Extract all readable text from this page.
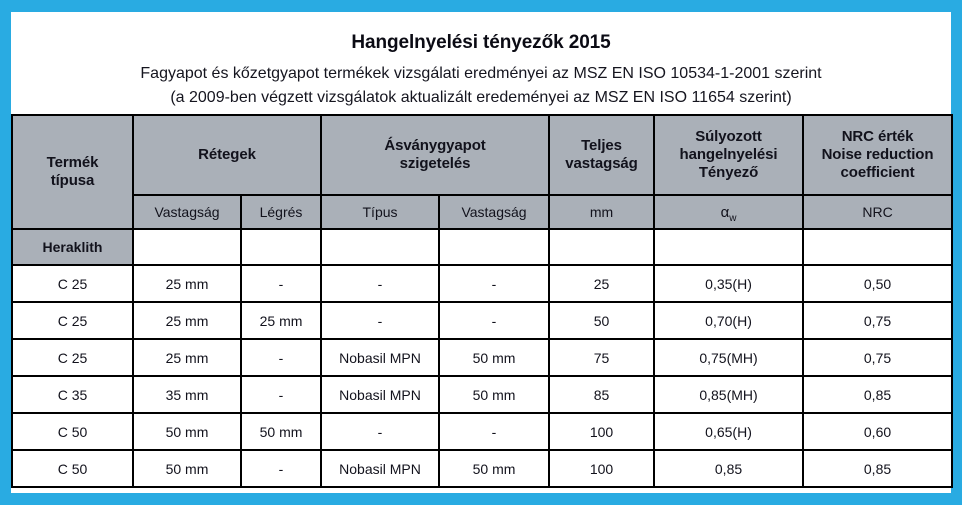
Hangelnyelési tényezők 2015
Fagyapot és kőzetgyapot termékek vizsgálati eredményei az MSZ EN ISO 10534-1-2001 szerint
(a 2009-ben végzett vizsgálatok aktualizált eredeményei az MSZ EN ISO 11654 szerint)
Termék
típusa

Rétegek

Ásványgyapot
szigetelés

Teljes
vastagság

Súlyozott
hangelnyelési
Tényező

NRC érték
Noise reduction
coefficient

	Vastagság	Légrés	Típus	Vastagság	mm	$\alpha_w$	NRC
Heraklith							
C 25	25 mm	-	-	-	25	0,35(H)	0,50
C 25	25 mm	25 mm	-	-	50	0,70(H)	0,75
C 25	25 mm	-	Nobasil MPN	50 mm	75	0,75(MH)	0,75
C 35	35 mm	-	Nobasil MPN	50 mm	85	0,85(MH)	0,85
C 50	50 mm	50 mm	-	-	100	0,65(H)	0,60
C 50	50 mm	-	Nobasil MPN	50 mm	100	0,85	0,85
